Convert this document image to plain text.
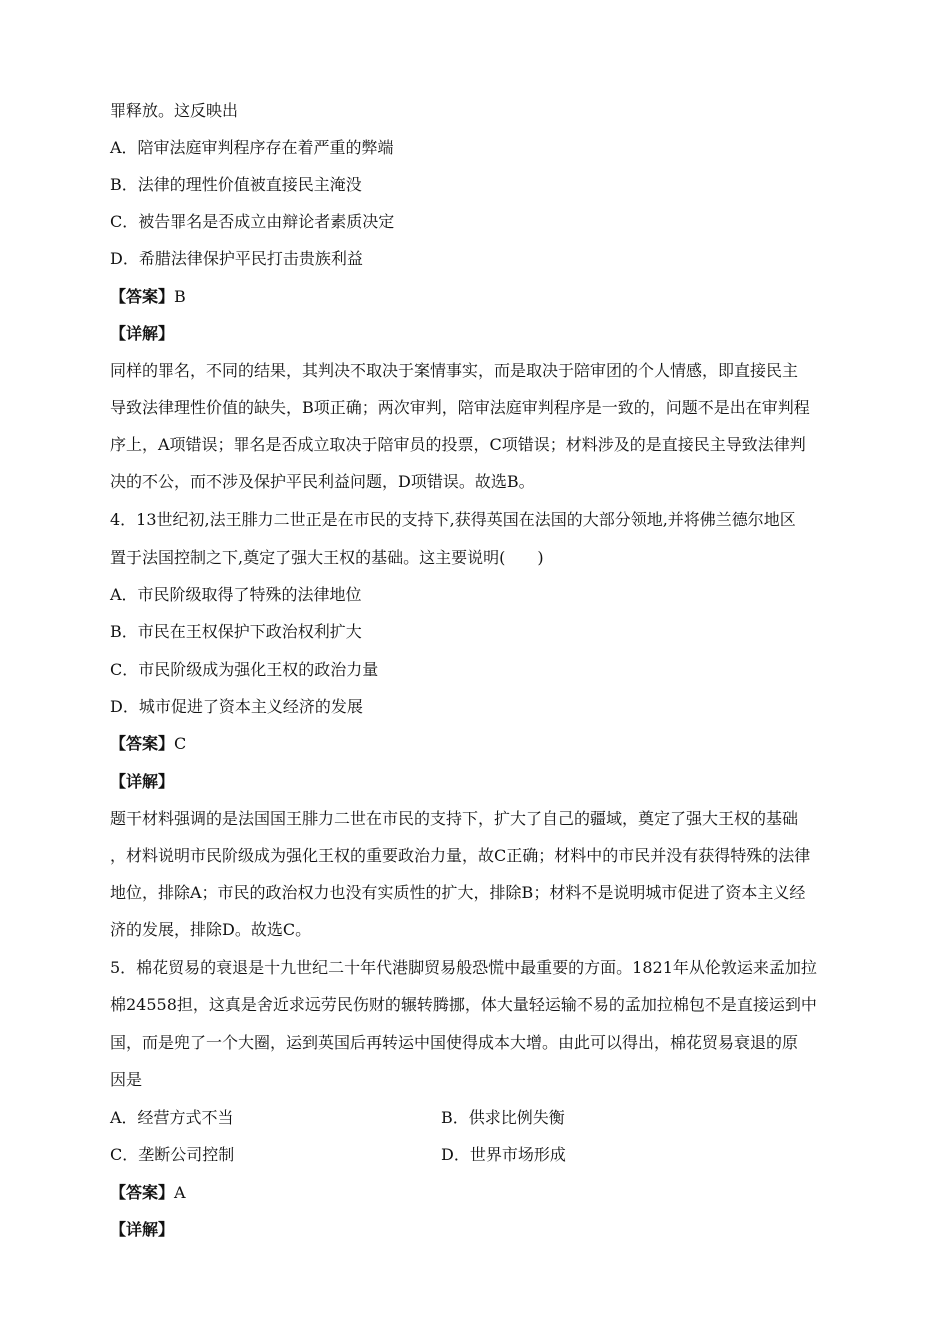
罪释放。这反映出
A．陪审法庭审判程序存在着严重的弊端
B．法律的理性价值被直接民主淹没
C．被告罪名是否成立由辩论者素质决定
D．希腊法律保护平民打击贵族利益
【答案】B
【详解】
同样的罪名，不同的结果，其判决不取决于案情事实，而是取决于陪审团的个人情感，即直接民主
导致法律理性价值的缺失，B项正确；两次审判，陪审法庭审判程序是一致的，问题不是出在审判程
序上，A项错误；罪名是否成立取决于陪审员的投票，C项错误；材料涉及的是直接民主导致法律判
决的不公，而不涉及保护平民利益问题，D项错误。故选B。
4．13世纪初,法王腓力二世正是在市民的支持下,获得英国在法国的大部分领地,并将佛兰德尔地区
置于法国控制之下,奠定了强大王权的基础。这主要说明(　　)
A．市民阶级取得了特殊的法律地位
B．市民在王权保护下政治权利扩大
C．市民阶级成为强化王权的政治力量
D．城市促进了资本主义经济的发展
【答案】C
【详解】
题干材料强调的是法国国王腓力二世在市民的支持下，扩大了自己的疆域，奠定了强大王权的基础
，材料说明市民阶级成为强化王权的重要政治力量，故C正确；材料中的市民并没有获得特殊的法律
地位，排除A；市民的政治权力也没有实质性的扩大，排除B；材料不是说明城市促进了资本主义经
济的发展，排除D。故选C。
5．棉花贸易的衰退是十九世纪二十年代港脚贸易般恐慌中最重要的方面。1821年从伦敦运来孟加拉
棉24558担，这真是舍近求远劳民伤财的辗转腾挪，体大量轻运输不易的孟加拉棉包不是直接运到中
国，而是兜了一个大圈，运到英国后再转运中国使得成本大增。由此可以得出，棉花贸易衰退的原
因是
A．经营方式不当	B．供求比例失衡
C．垄断公司控制	D．世界市场形成
【答案】A
【详解】
